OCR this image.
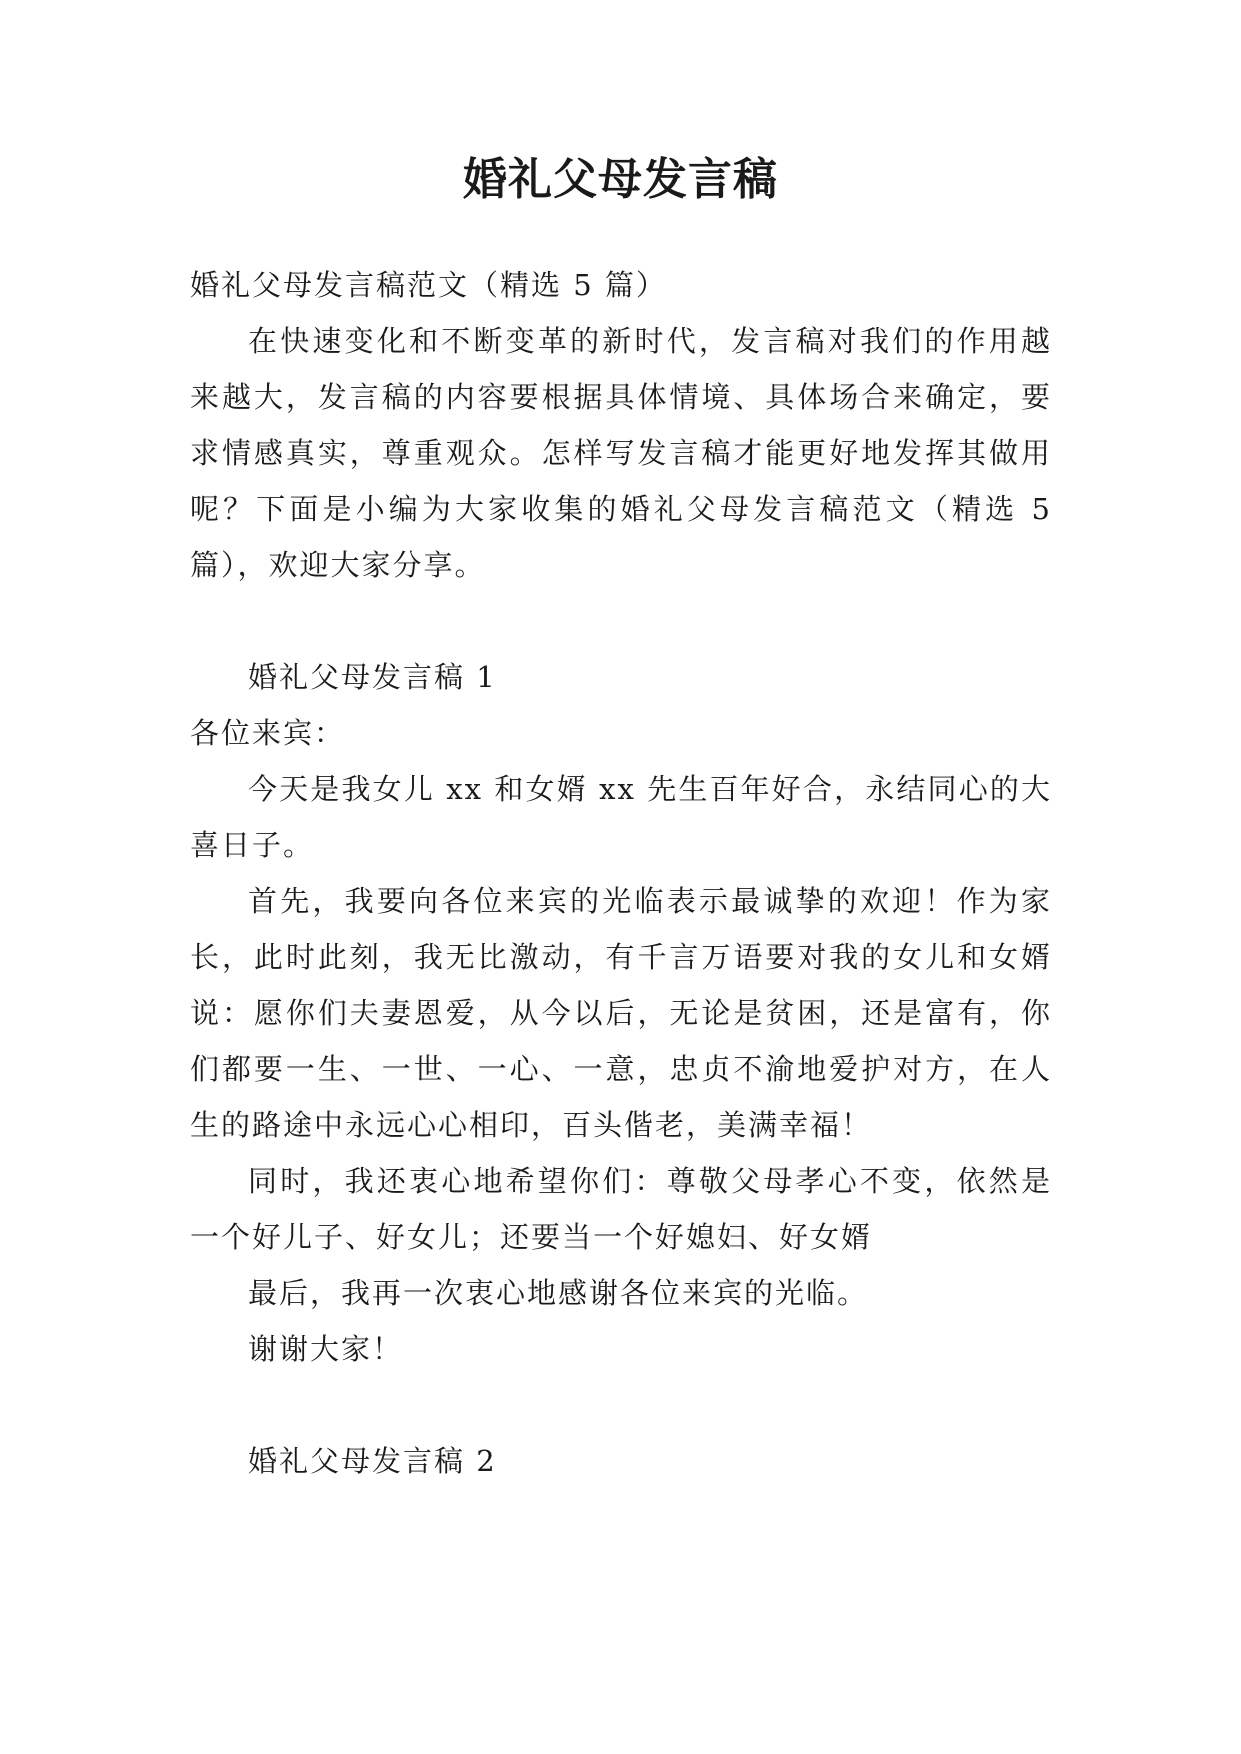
婚礼父母发言稿

婚礼父母发言稿范文（精选 5 篇）

在快速变化和不断变革的新时代，发言稿对我们的作用越来越大，发言稿的内容要根据具体情境、具体场合来确定，要求情感真实，尊重观众。怎样写发言稿才能更好地发挥其做用呢？下面是小编为大家收集的婚礼父母发言稿范文（精选 5 篇），欢迎大家分享。

婚礼父母发言稿 1

各位来宾：

今天是我女儿 xx 和女婿 xx 先生百年好合，永结同心的大喜日子。

首先，我要向各位来宾的光临表示最诚挚的欢迎！作为家长，此时此刻，我无比激动，有千言万语要对我的女儿和女婿说：愿你们夫妻恩爱，从今以后，无论是贫困，还是富有，你们都要一生、一世、一心、一意，忠贞不渝地爱护对方，在人生的路途中永远心心相印，百头偕老，美满幸福！

同时，我还衷心地希望你们：尊敬父母孝心不变，依然是一个好儿子、好女儿；还要当一个好媳妇、好女婿

最后，我再一次衷心地感谢各位来宾的光临。

谢谢大家！

婚礼父母发言稿 2
